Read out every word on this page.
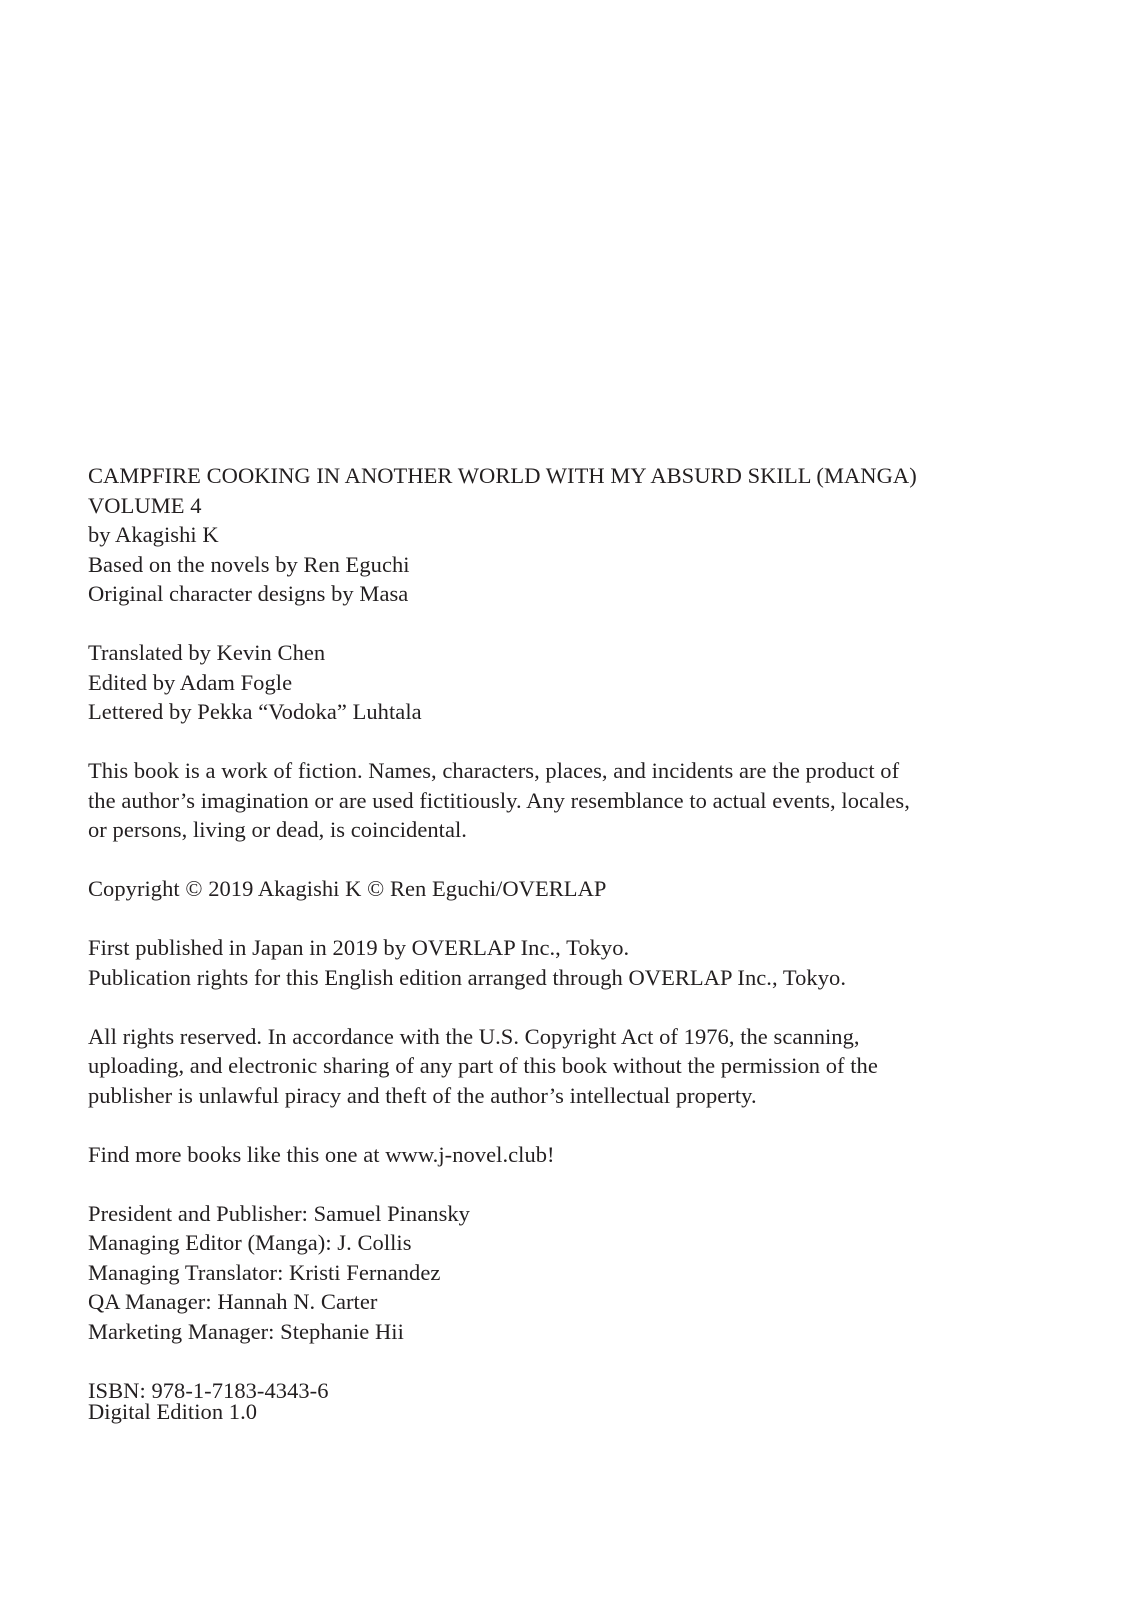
CAMPFIRE COOKING IN ANOTHER WORLD WITH MY ABSURD SKILL (MANGA)
VOLUME 4
by Akagishi K
Based on the novels by Ren Eguchi
Original character designs by Masa
Translated by Kevin Chen
Edited by Adam Fogle
Lettered by Pekka “Vodoka” Luhtala
This book is a work of fiction. Names, characters, places, and incidents are the product of
the author’s imagination or are used fictitiously. Any resemblance to actual events, locales,
or persons, living or dead, is coincidental.
Copyright © 2019 Akagishi K © Ren Eguchi/OVERLAP
First published in Japan in 2019 by OVERLAP Inc., Tokyo.
Publication rights for this English edition arranged through OVERLAP Inc., Tokyo.
All rights reserved. In accordance with the U.S. Copyright Act of 1976, the scanning,
uploading, and electronic sharing of any part of this book without the permission of the
publisher is unlawful piracy and theft of the author’s intellectual property.
Find more books like this one at www.j-novel.club!
President and Publisher: Samuel Pinansky
Managing Editor (Manga): J. Collis
Managing Translator: Kristi Fernandez
QA Manager: Hannah N. Carter
Marketing Manager: Stephanie Hii
ISBN: 978-1-7183-4343-6
Digital Edition 1.0
